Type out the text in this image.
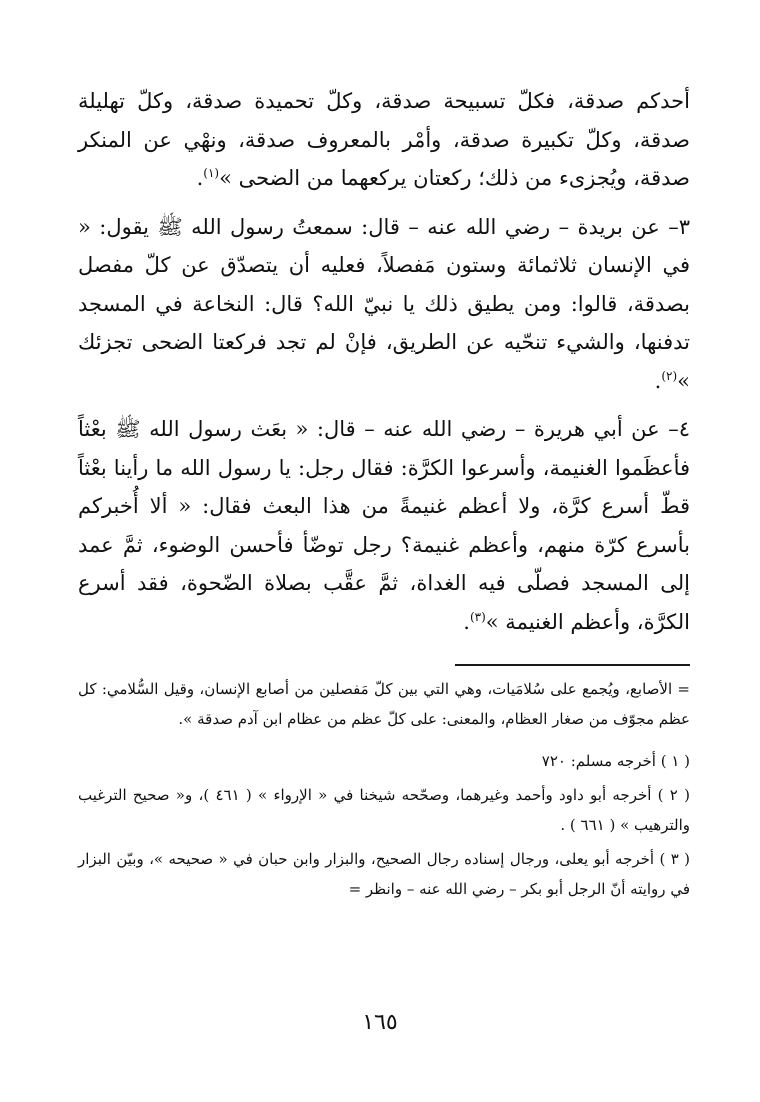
أحدكم صدقة، فكلّ تسبيحة صدقة، وكلّ تحميدة صدقة، وكلّ تهليلة صدقة، وكلّ تكبيرة صدقة، وأمْر بالمعروف صدقة، ونهْي عن المنكر صدقة، ويُجزىء من ذلك؛ ركعتان يركعهما من الضحى »$^{(١)}$.

٣– عن بريدة – رضي الله عنه – قال: سمعتُ رسول الله ﷺ يقول: « في الإنسان ثلاثمائة وستون مَفصلاً، فعليه أن يتصدّق عن كلّ مفصل بصدقة، قالوا: ومن يطيق ذلك يا نبيّ الله؟ قال: النخاعة في المسجد تدفنها، والشيء تنحّيه عن الطريق، فإنْ لم تجد فركعتا الضحى تجزئك »$^{(٢)}$.

٤– عن أبي هريرة – رضي الله عنه – قال: « بعَث رسول الله ﷺ بعْثاً فأعظَموا الغنيمة، وأسرعوا الكرَّة: فقال رجل: يا رسول الله ما رأينا بعْثاً قطّ أسرع كرَّة، ولا أعظم غنيمةً من هذا البعث فقال: « ألا أُخبركم بأسرع كرّة منهم، وأعظم غنيمة؟ رجل توضّأ فأحسن الوضوء، ثمَّ عمد إلى المسجد فصلّى فيه الغداة، ثمَّ عقَّب بصلاة الضّحوة، فقد أسرع الكرَّة، وأعظم الغنيمة »$^{(٣)}$.

= الأصابع، ويُجمع على سُلامَيات، وهي التي بين كلّ مَفصلين من أصابع الإنسان، وقيل السُّلامي: كل عظم مجوّف من صغار العظام، والمعنى: على كلّ عظم من عظام ابن آدم صدقة ».

( ١ ) أخرجه مسلم: ٧٢٠

( ٢ ) أخرجه أبو داود وأحمد وغيرهما، وصحّحه شيخنا في « الإرواء » ( ٤٦١ )، و« صحيح الترغيب والترهيب » ( ٦٦١ ) .

( ٣ ) أخرجه أبو يعلى، ورجال إسناده رجال الصحيح، والبزار وابن حبان في « صحيحه »، وبيّن البزار في روايته أنّ الرجل أبو بكر – رضي الله عنه – وانظر =

١٦٥
